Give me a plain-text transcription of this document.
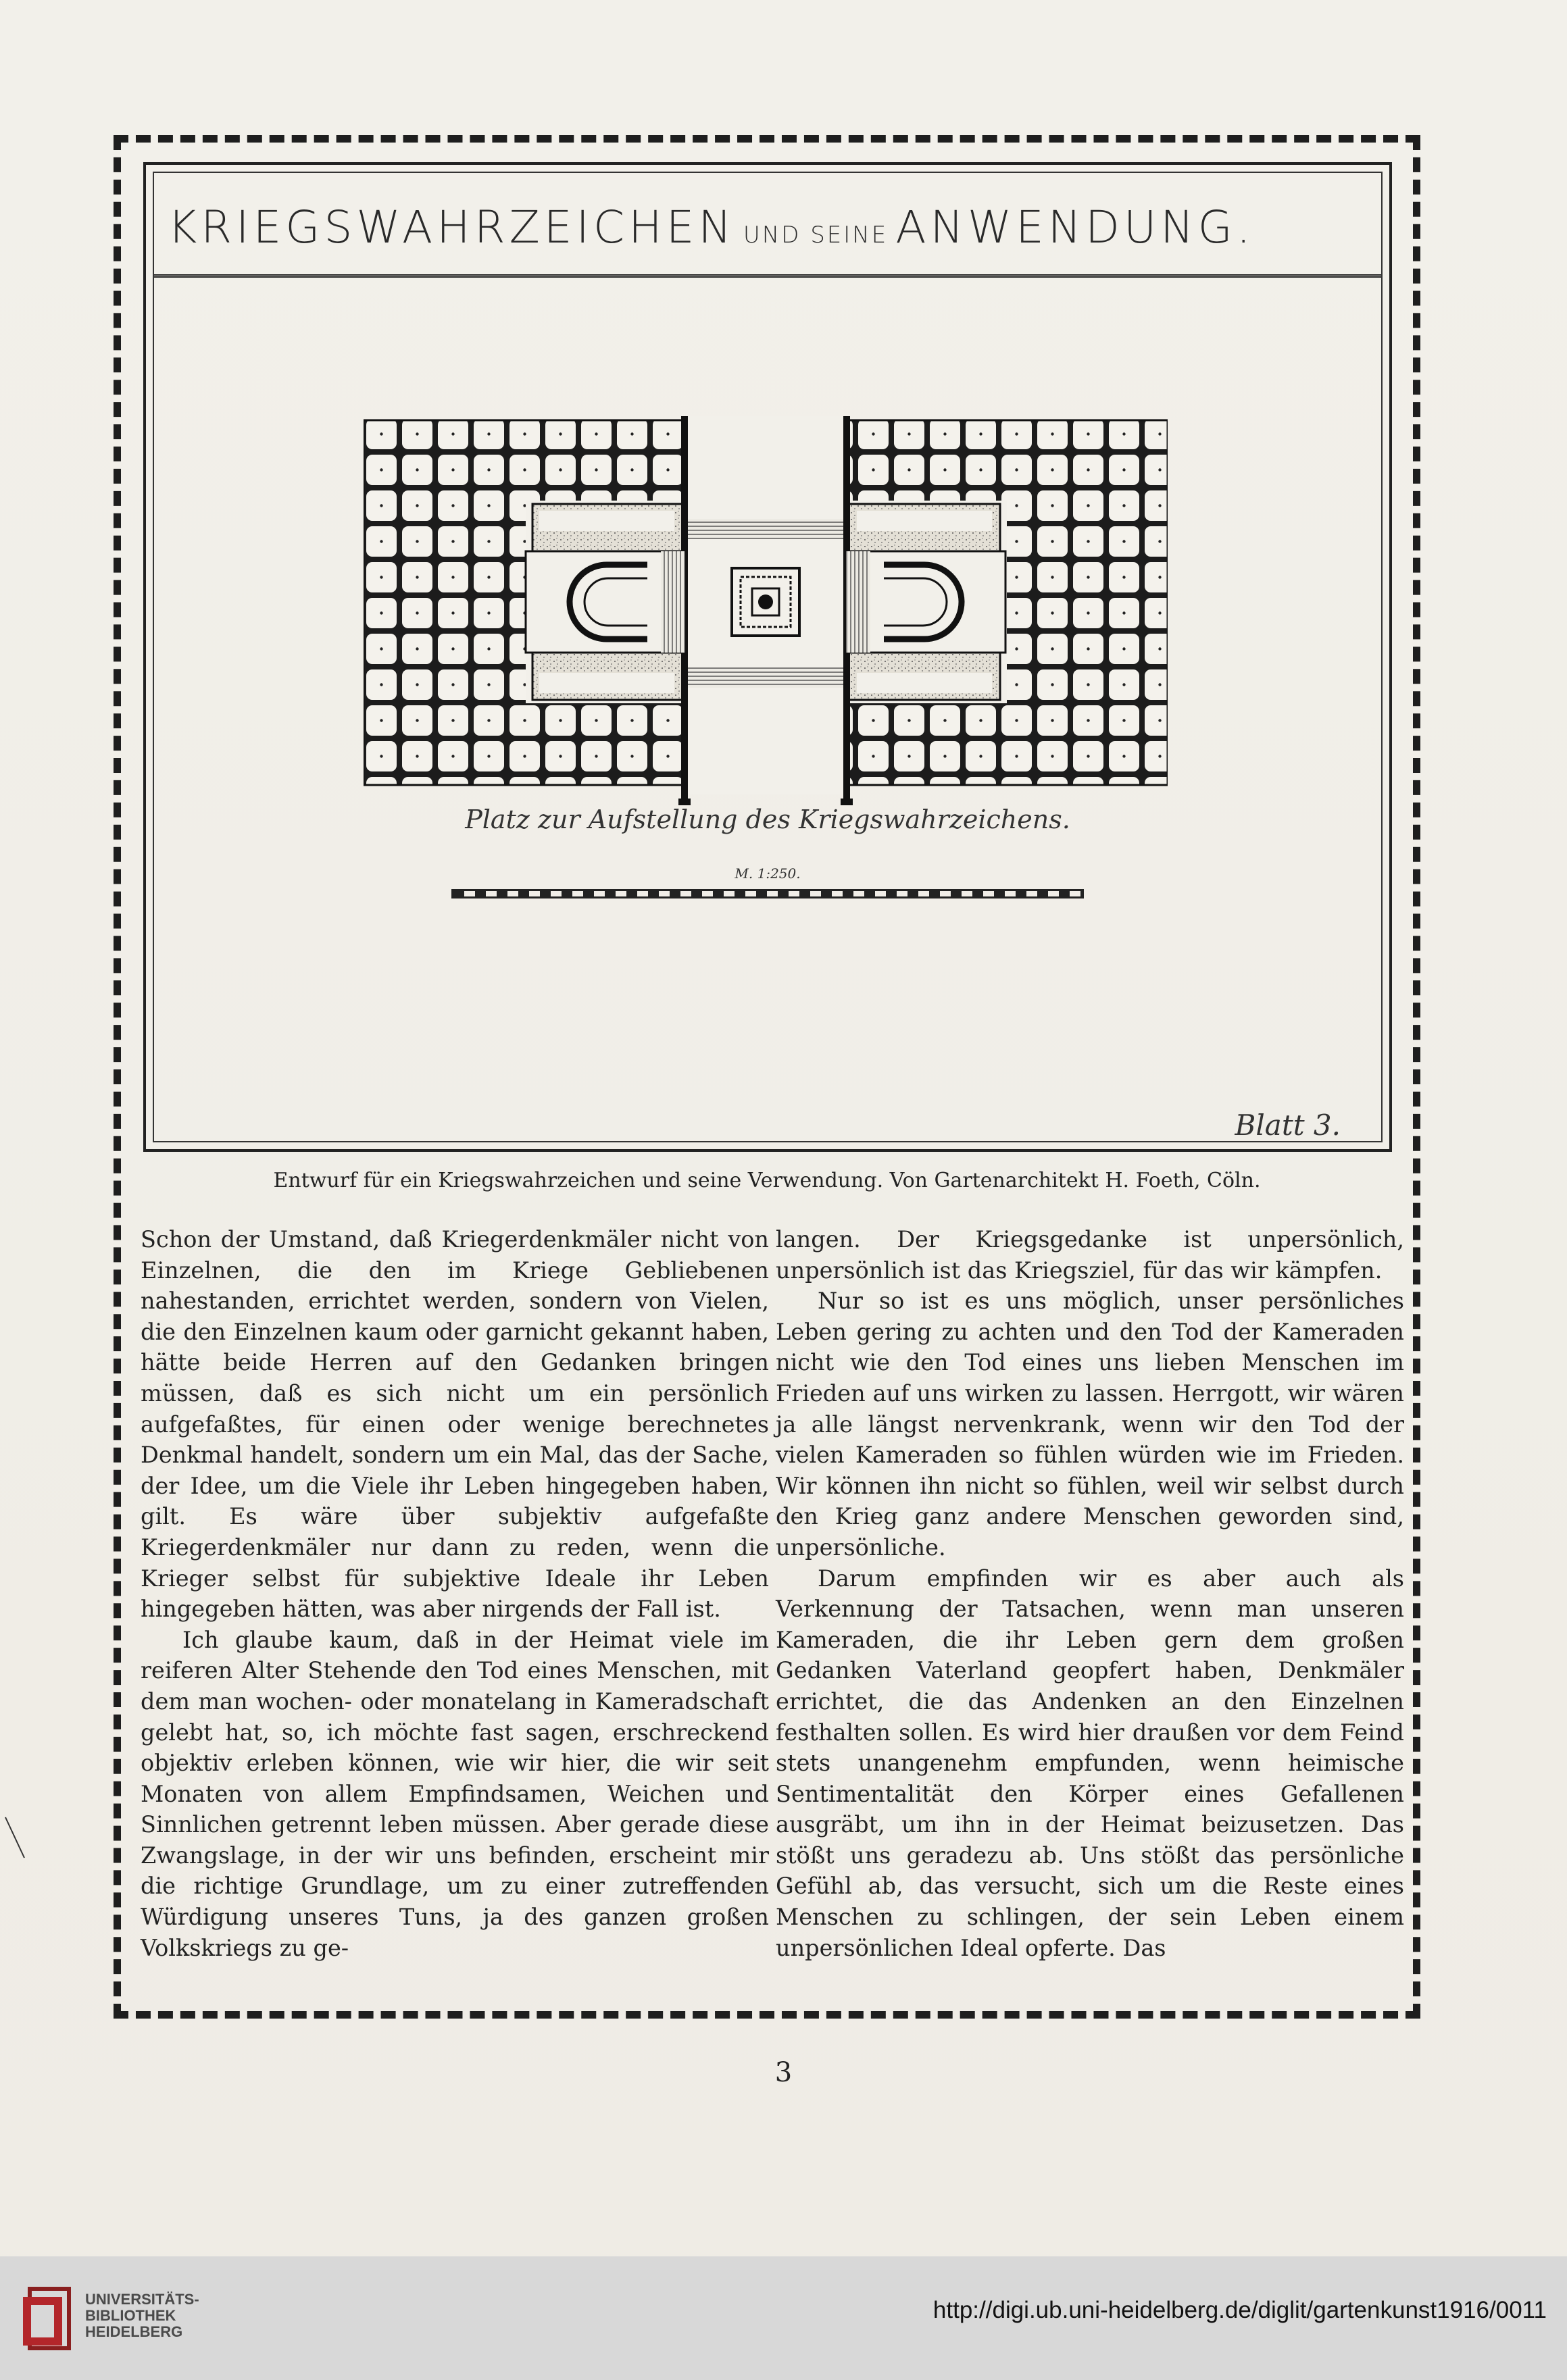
KRIEGSWAHRZEICHEN UND SEINE ANWENDUNG.
Platz zur Aufstellung des Kriegswahrzeichens.
M. 1:250.
Blatt 3.
Entwurf für ein Kriegswahrzeichen und seine Verwendung. Von Gartenarchitekt H. Foeth, Cöln.

Schon der Umstand, daß Kriegerdenkmäler nicht von Einzelnen, die den im Kriege Gebliebenen nahestanden, errichtet werden, sondern von Vielen, die den Einzelnen kaum oder garnicht gekannt haben, hätte beide Herren auf den Gedanken bringen müssen, daß es sich nicht um ein persönlich aufgefaßtes, für einen oder wenige berechnetes Denkmal handelt, sondern um ein Mal, das der Sache, der Idee, um die Viele ihr Leben hingegeben haben, gilt. Es wäre über subjektiv aufgefaßte Kriegerdenkmäler nur dann zu reden, wenn die Krieger selbst für subjektive Ideale ihr Leben hingegeben hätten, was aber nirgends der Fall ist.

Ich glaube kaum, daß in der Heimat viele im reiferen Alter Stehende den Tod eines Menschen, mit dem man wochen- oder monatelang in Kameradschaft gelebt hat, so, ich möchte fast sagen, erschreckend objektiv erleben können, wie wir hier, die wir seit Monaten von allem Empfindsamen, Weichen und Sinnlichen getrennt leben müssen. Aber gerade diese Zwangslage, in der wir uns befinden, erscheint mir die richtige Grundlage, um zu einer zutreffenden Würdigung unseres Tuns, ja des ganzen großen Volkskriegs zu ge-

langen. Der Kriegsgedanke ist unpersönlich, unpersönlich ist das Kriegsziel, für das wir kämpfen.

Nur so ist es uns möglich, unser persönliches Leben gering zu achten und den Tod der Kameraden nicht wie den Tod eines uns lieben Menschen im Frieden auf uns wirken zu lassen. Herrgott, wir wären ja alle längst nervenkrank, wenn wir den Tod der vielen Kameraden so fühlen würden wie im Frieden. Wir können ihn nicht so fühlen, weil wir selbst durch den Krieg ganz andere Menschen geworden sind, unpersönliche.

Darum empfinden wir es aber auch als Verkennung der Tatsachen, wenn man unseren Kameraden, die ihr Leben gern dem großen Gedanken Vaterland geopfert haben, Denkmäler errichtet, die das Andenken an den Einzelnen festhalten sollen. Es wird hier draußen vor dem Feind stets unangenehm empfunden, wenn heimische Sentimentalität den Körper eines Gefallenen ausgräbt, um ihn in der Heimat beizusetzen. Das stößt uns geradezu ab. Uns stößt das persönliche Gefühl ab, das versucht, sich um die Reste eines Menschen zu schlingen, der sein Leben einem unpersönlichen Ideal opferte. Das

3
UNIVERSITÄTS-
BIBLIOTHEK
HEIDELBERG
http://digi.ub.uni-heidelberg.de/diglit/gartenkunst1916/0011
